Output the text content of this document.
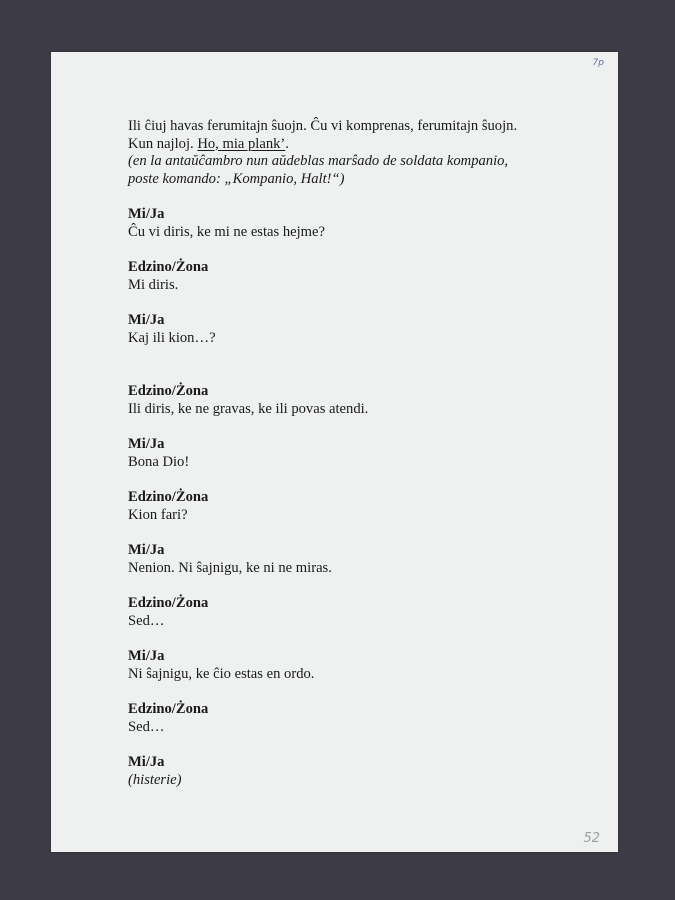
7p

Ili ĉiuj havas ferumitajn ŝuojn. Ĉu vi komprenas, ferumitajn ŝuojn.

Kun najloj. Ho, mia plank’.

(en la antaŭĉambro nun aŭdeblas marŝado de soldata kompanio,

poste komando: „Kompanio, Halt!“)

Mi/Ja
Ĉu vi diris, ke mi ne estas hejme?
Edzino/Żona
Mi diris.
Mi/Ja
Kaj ili kion…?
Edzino/Żona
Ili diris, ke ne gravas, ke ili povas atendi.
Mi/Ja
Bona Dio!
Edzino/Żona
Kion fari?
Mi/Ja
Nenion. Ni ŝajnigu, ke ni ne miras.
Edzino/Żona
Sed…
Mi/Ja
Ni ŝajnigu, ke ĉio estas en ordo.
Edzino/Żona
Sed…
Mi/Ja
(histerie)
52
